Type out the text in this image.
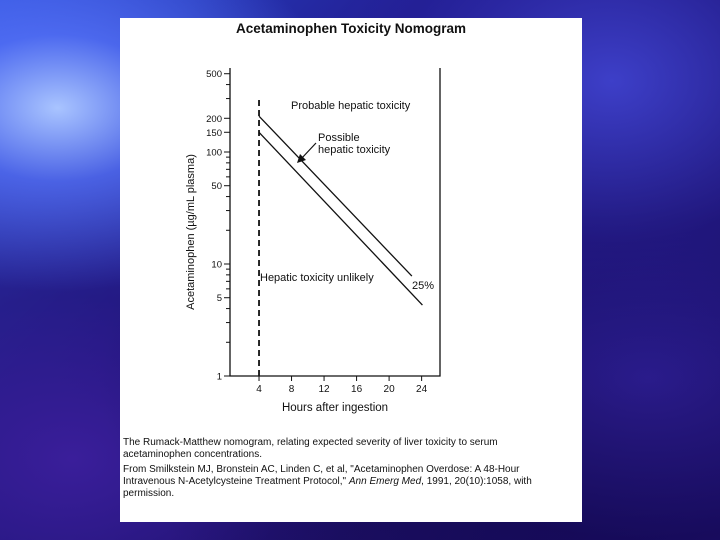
Acetaminophen Toxicity Nomogram
1
5
10
50
100
150
200
500
4	8 12 16 20 24
Hours after ingestion
Acetaminophen (µg/mL plasma)
Probable hepatic toxicity
Possible hepatic toxicity
Hepatic toxicity unlikely
25%
The Rumack-Matthew nomogram, relating expected severity of liver toxicity to serum
acetaminophen concentrations.
From Smilkstein MJ, Bronstein AC, Linden C, et al, "Acetaminophen Overdose: A 48-Hour
Intravenous N-Acetylcysteine Treatment Protocol," Ann Emerg Med, 1991, 20(10):1058, with
permission.
